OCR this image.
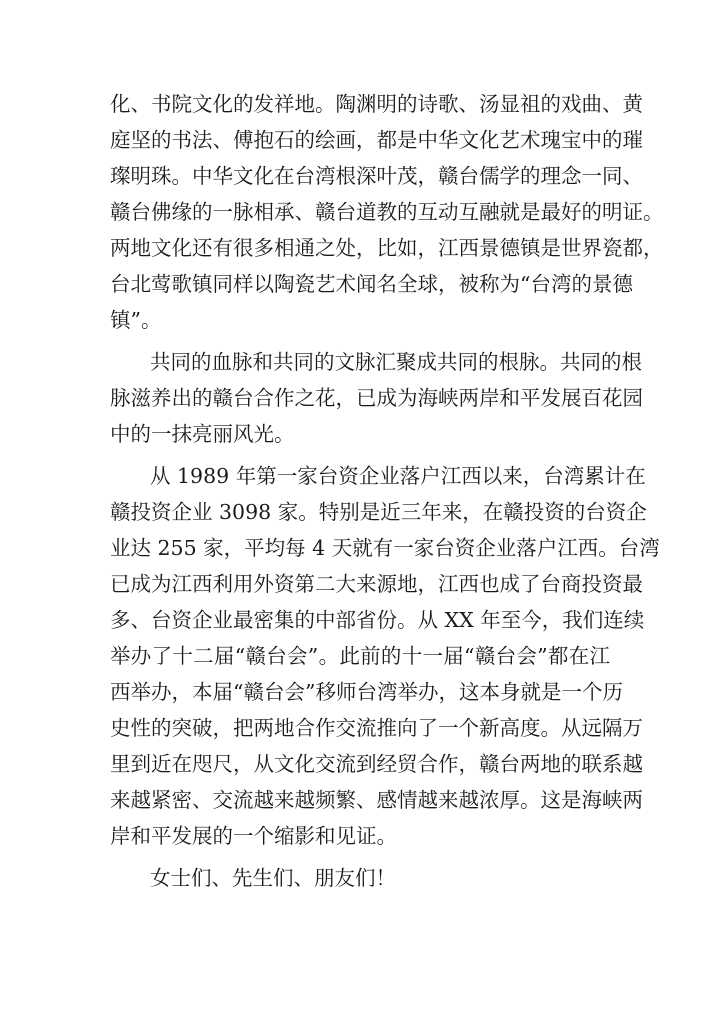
化、书院文化的发祥地。陶渊明的诗歌、汤显祖的戏曲、黄

庭坚的书法、傅抱石的绘画，都是中华文化艺术瑰宝中的璀

璨明珠。中华文化在台湾根深叶茂，赣台儒学的理念一同、

赣台佛缘的一脉相承、赣台道教的互动互融就是最好的明证。

两地文化还有很多相通之处，比如，江西景德镇是世界瓷都，

台北莺歌镇同样以陶瓷艺术闻名全球，被称为“台湾的景德

镇”。

共同的血脉和共同的文脉汇聚成共同的根脉。共同的根

脉滋养出的赣台合作之花，已成为海峡两岸和平发展百花园

中的一抹亮丽风光。

从 1989 年第一家台资企业落户江西以来，台湾累计在

赣投资企业 3098 家。特别是近三年来，在赣投资的台资企

业达 255 家，平均每 4 天就有一家台资企业落户江西。台湾

已成为江西利用外资第二大来源地，江西也成了台商投资最

多、台资企业最密集的中部省份。从 XX 年至今，我们连续

举办了十二届“赣台会”。此前的十一届“赣台会”都在江

西举办，本届“赣台会”移师台湾举办，这本身就是一个历

史性的突破，把两地合作交流推向了一个新高度。从远隔万

里到近在咫尺，从文化交流到经贸合作，赣台两地的联系越

来越紧密、交流越来越频繁、感情越来越浓厚。这是海峡两

岸和平发展的一个缩影和见证。

女士们、先生们、朋友们！
